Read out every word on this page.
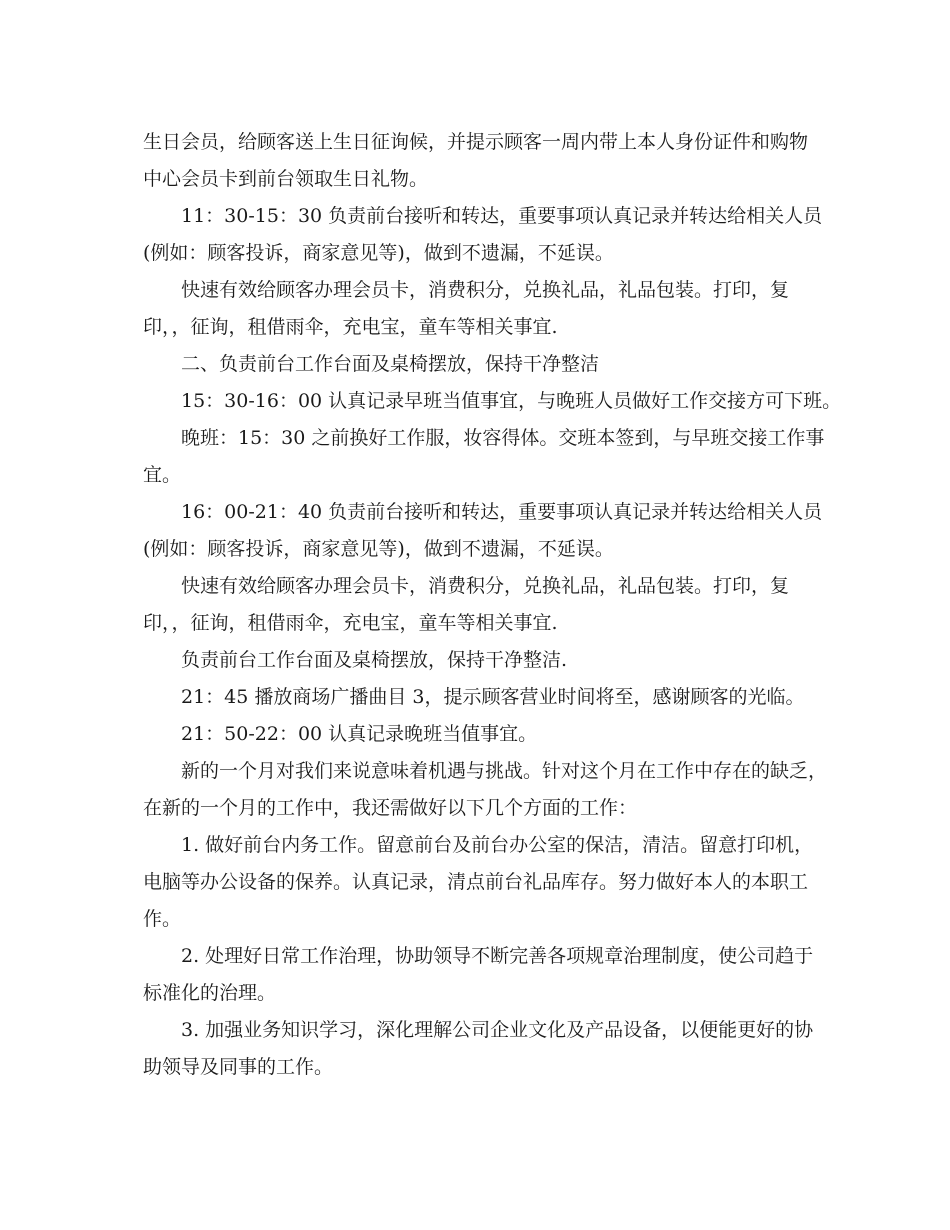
生日会员，给顾客送上生日征询候，并提示顾客一周内带上本人身份证件和购物
中心会员卡到前台领取生日礼物。
11：30-15：30 负责前台接听和转达，重要事项认真记录并转达给相关人员
(例如：顾客投诉，商家意见等)，做到不遗漏，不延误。
快速有效给顾客办理会员卡，消费积分，兑换礼品，礼品包装。打印，复
印，，征询，租借雨伞，充电宝，童车等相关事宜.
二、负责前台工作台面及桌椅摆放，保持干净整洁
15：30-16：00 认真记录早班当值事宜，与晚班人员做好工作交接方可下班。
晚班：15：30 之前换好工作服，妆容得体。交班本签到，与早班交接工作事
宜。
16：00-21：40 负责前台接听和转达，重要事项认真记录并转达给相关人员
(例如：顾客投诉，商家意见等)，做到不遗漏，不延误。
快速有效给顾客办理会员卡，消费积分，兑换礼品，礼品包装。打印，复
印，，征询，租借雨伞，充电宝，童车等相关事宜.
负责前台工作台面及桌椅摆放，保持干净整洁.
21：45 播放商场广播曲目 3，提示顾客营业时间将至，感谢顾客的光临。
21：50-22：00 认真记录晚班当值事宜。
新的一个月对我们来说意味着机遇与挑战。针对这个月在工作中存在的缺乏，
在新的一个月的工作中，我还需做好以下几个方面的工作：
1. 做好前台内务工作。留意前台及前台办公室的保洁，清洁。留意打印机，
电脑等办公设备的保养。认真记录，清点前台礼品库存。努力做好本人的本职工
作。
2. 处理好日常工作治理，协助领导不断完善各项规章治理制度，使公司趋于
标准化的治理。
3. 加强业务知识学习，深化理解公司企业文化及产品设备，以便能更好的协
助领导及同事的工作。
